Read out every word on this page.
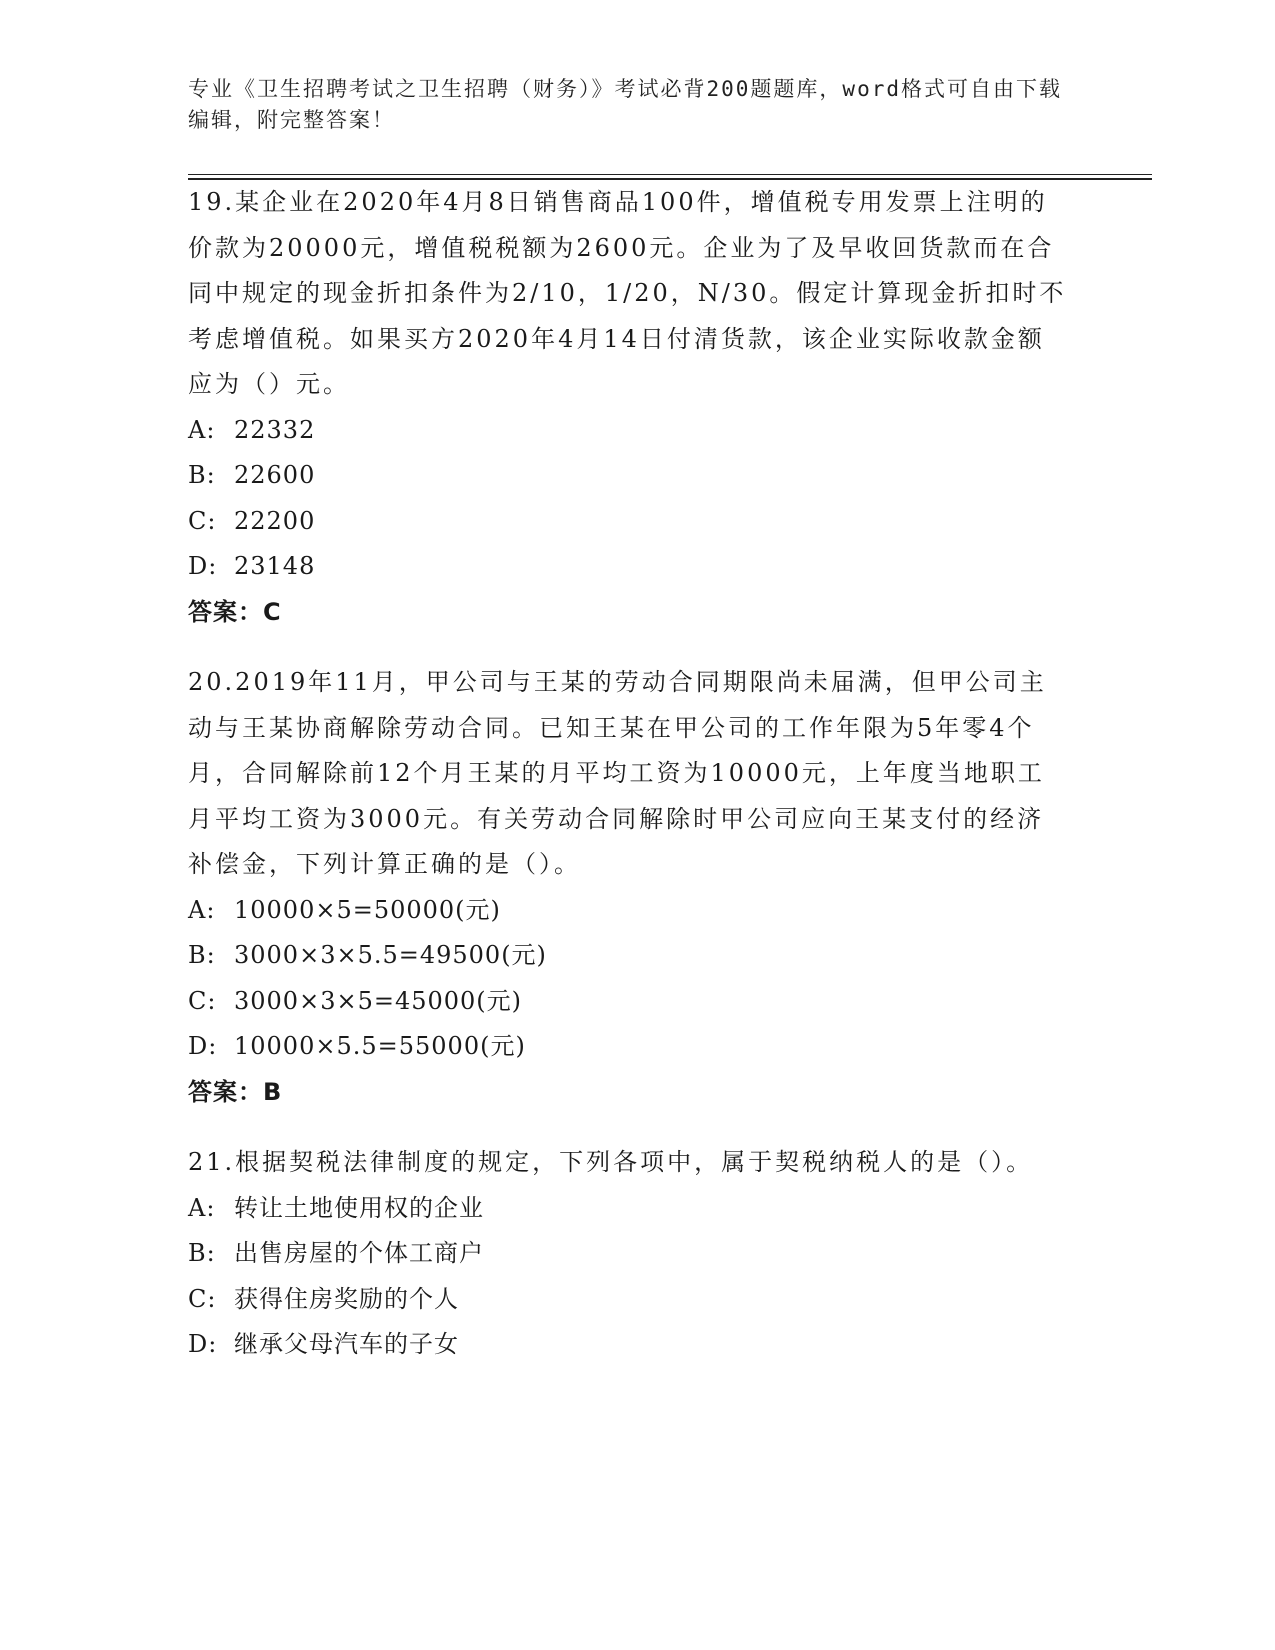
专业《卫生招聘考试之卫生招聘（财务）》考试必背200题题库，word格式可自由下载编辑，附完整答案！

19.某企业在2020年4月8日销售商品100件，增值税专用发票上注明的价款为20000元，增值税税额为2600元。企业为了及早收回货款而在合同中规定的现金折扣条件为2/10，1/20，N/30。假定计算现金折扣时不考虑增值税。如果买方2020年4月14日付清货款，该企业实际收款金额应为（）元。

A: 22332
B: 22600
C: 22200
D: 23148
答案：C

20.2019年11月，甲公司与王某的劳动合同期限尚未届满，但甲公司主动与王某协商解除劳动合同。已知王某在甲公司的工作年限为5年零4个月，合同解除前12个月王某的月平均工资为10000元，上年度当地职工月平均工资为3000元。有关劳动合同解除时甲公司应向王某支付的经济补偿金，下列计算正确的是（）。

A: 10000×5=50000(元)
B: 3000×3×5.5=49500(元)
C: 3000×3×5=45000(元)
D: 10000×5.5=55000(元)
答案：B

21.根据契税法律制度的规定，下列各项中，属于契税纳税人的是（）。

A: 转让土地使用权的企业
B: 出售房屋的个体工商户
C: 获得住房奖励的个人
D: 继承父母汽车的子女
